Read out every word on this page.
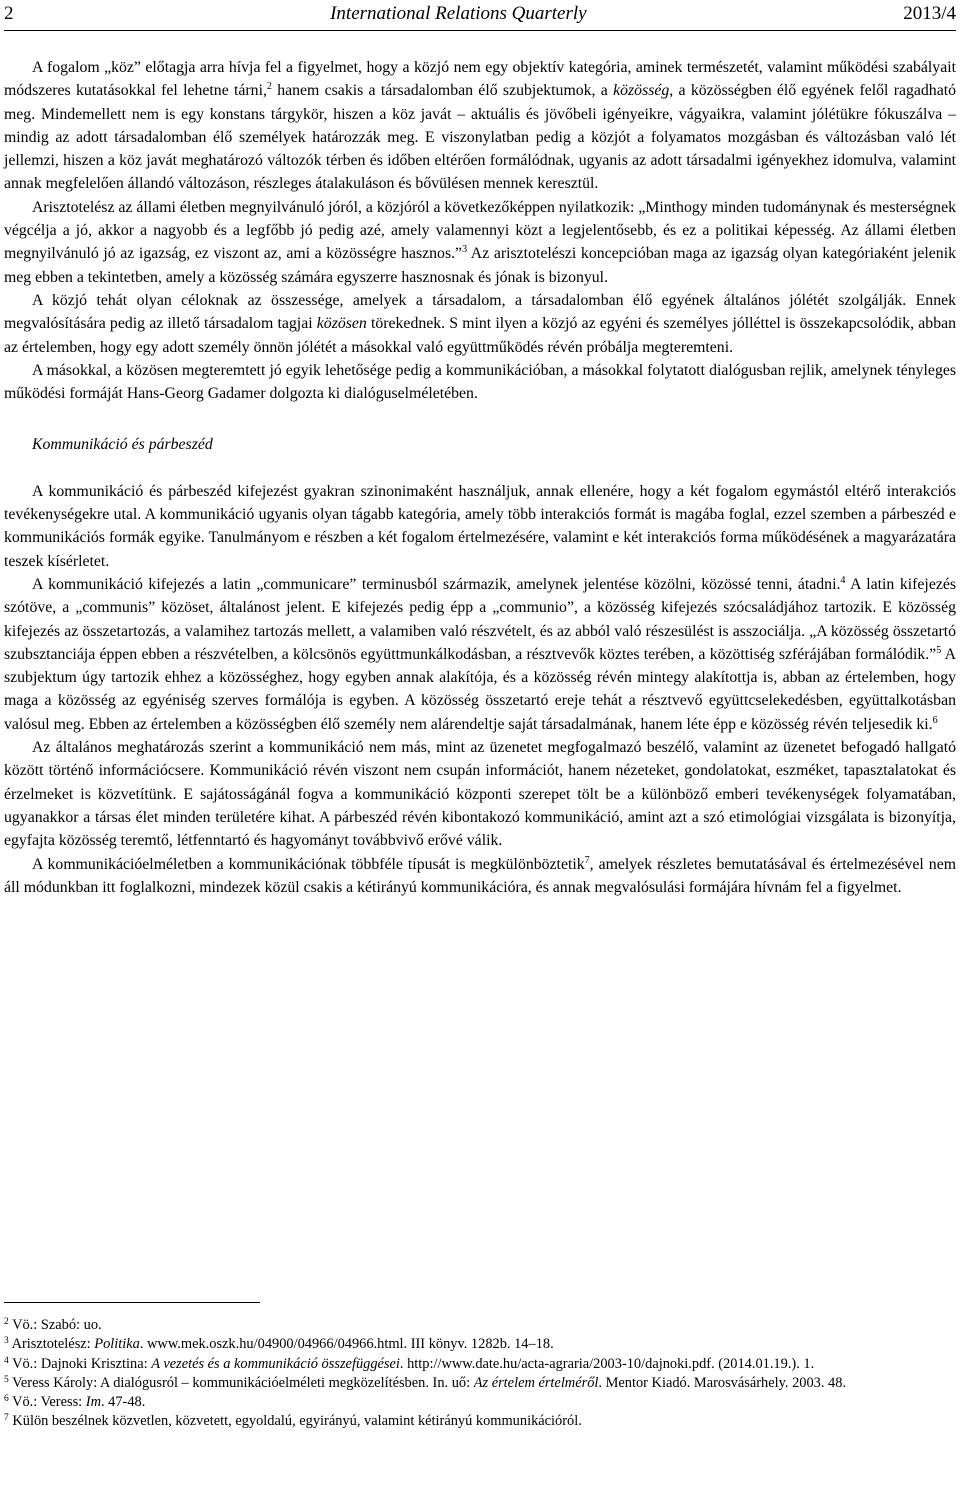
2	International Relations Quarterly	2013/4

A fogalom „köz” előtagja arra hívja fel a figyelmet, hogy a közjó nem egy objektív kategória, aminek természetét, valamint működési szabályait módszeres kutatásokkal fel lehetne tárni,$^2$ hanem csakis a társadalomban élő szubjektumok, a közösség, a közösségben élő egyének felől ragadható meg. Mindemellett nem is egy konstans tárgykör, hiszen a köz javát – aktuális és jövőbeli igényeikre, vágyaikra, valamint jólétükre fókuszálva – mindig az adott társadalomban élő személyek határozzák meg. E viszonylatban pedig a közjót a folyamatos mozgásban és változásban való lét jellemzi, hiszen a köz javát meghatározó változók térben és időben eltérően formálódnak, ugyanis az adott társadalmi igényekhez idomulva, valamint annak megfelelően állandó változáson, részleges átalakuláson és bővülésen mennek keresztül.

Arisztotelész az állami életben megnyilvánuló jóról, a közjóról a következőképpen nyilatkozik: „Minthogy minden tudománynak és mesterségnek végcélja a jó, akkor a nagyobb és a legfőbb jó pedig azé, amely valamennyi közt a legjelentősebb, és ez a politikai képesség. Az állami életben megnyilvánuló jó az igazság, ez viszont az, ami a közösségre hasznos.”$^3$ Az arisztotelészi koncepcióban maga az igazság olyan kategóriaként jelenik meg ebben a tekintetben, amely a közösség számára egyszerre hasznosnak és jónak is bizonyul.

A közjó tehát olyan céloknak az összessége, amelyek a társadalom, a társadalomban élő egyének általános jólétét szolgálják. Ennek megvalósítására pedig az illető társadalom tagjai közösen törekednek. S mint ilyen a közjó az egyéni és személyes jólléttel is összekapcsolódik, abban az értelemben, hogy egy adott személy önnön jólétét a másokkal való együttműködés révén próbálja megteremteni.

A másokkal, a közösen megteremtett jó egyik lehetősége pedig a kommunikációban, a másokkal folytatott dialógusban rejlik, amelynek tényleges működési formáját Hans-Georg Gadamer dolgozta ki dialóguselméletében.

Kommunikáció és párbeszéd

A kommunikáció és párbeszéd kifejezést gyakran szinonimaként használjuk, annak ellenére, hogy a két fogalom egymástól eltérő interakciós tevékenységekre utal. A kommunikáció ugyanis olyan tágabb kategória, amely több interakciós formát is magába foglal, ezzel szemben a párbeszéd e kommunikációs formák egyike. Tanulmányom e részben a két fogalom értelmezésére, valamint e két interakciós forma működésének a magyarázatára teszek kísérletet.

A kommunikáció kifejezés a latin „communicare” terminusból származik, amelynek jelentése közölni, közössé tenni, átadni.$^4$ A latin kifejezés szótöve, a „communis” közöset, általánost jelent. E kifejezés pedig épp a „communio”, a közösség kifejezés szócsaládjához tartozik. E közösség kifejezés az összetartozás, a valamihez tartozás mellett, a valamiben való részvételt, és az abból való részesülést is asszociálja. „A közösség összetartó szubsztanciája éppen ebben a részvételben, a kölcsönös együttmunkálkodásban, a résztvevők köztes terében, a közöttiség szférájában formálódik.”$^5$ A szubjektum úgy tartozik ehhez a közösséghez, hogy egyben annak alakítója, és a közösség révén mintegy alakítottja is, abban az értelemben, hogy maga a közösség az egyéniség szerves formálója is egyben. A közösség összetartó ereje tehát a résztvevő együttcselekedésben, együttalkotásban valósul meg. Ebben az értelemben a közösségben élő személy nem alárendeltje saját társadalmának, hanem léte épp e közösség révén teljesedik ki.$^6$

Az általános meghatározás szerint a kommunikáció nem más, mint az üzenetet megfogalmazó beszélő, valamint az üzenetet befogadó hallgató között történő információcsere. Kommunikáció révén viszont nem csupán információt, hanem nézeteket, gondolatokat, eszméket, tapasztalatokat és érzelmeket is közvetítünk. E sajátosságánál fogva a kommunikáció központi szerepet tölt be a különböző emberi tevékenységek folyamatában, ugyanakkor a társas élet minden területére kihat. A párbeszéd révén kibontakozó kommunikáció, amint azt a szó etimológiai vizsgálata is bizonyítja, egyfajta közösség teremtő, létfenntartó és hagyományt továbbvivő erővé válik.

A kommunikációelméletben a kommunikációnak többféle típusát is megkülönböztetik$^7$, amelyek részletes bemutatásával és értelmezésével nem áll módunkban itt foglalkozni, mindezek közül csakis a kétirányú kommunikációra, és annak megvalósulási formájára hívnám fel a figyelmet.

$^2$ Vö.: Szabó: uo.

$^3$ Arisztotelész: Politika. www.mek.oszk.hu/04900/04966/04966.html. III könyv. 1282b. 14–18.

$^4$ Vö.: Dajnoki Krisztina: A vezetés és a kommunikáció összefüggései. http://www.date.hu/acta-agraria/2003-10/dajnoki.pdf. (2014.01.19.). 1.

$^5$ Veress Károly: A dialógusról – kommunikációelméleti megközelítésben. In. uő: Az értelem értelméről. Mentor Kiadó. Marosvásárhely. 2003. 48.

$^6$ Vö.: Veress: Im. 47-48.

$^7$ Külön beszélnek közvetlen, közvetett, egyoldalú, egyirányú, valamint kétirányú kommunikációról.
